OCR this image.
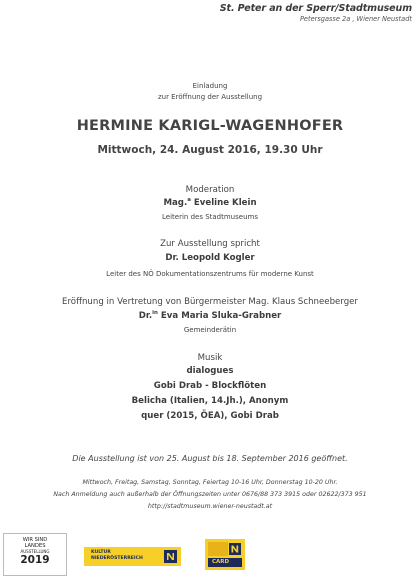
St. Peter an der Sperr/Stadtmuseum
Petersgasse 2a , Wiener Neustadt
Einladung
zur Eröffnung der Ausstellung
HERMINE KARIGL-WAGENHOFER
Mittwoch, 24. August 2016, 19.30 Uhr
Moderation
Mag.$^a$ Eveline Klein
Leiterin des Stadtmuseums
Zur Ausstellung spricht
Dr. Leopold Kogler
Leiter des NÖ Dokumentationszentrums für moderne Kunst
Eröffnung in Vertretung von Bürgermeister Mag. Klaus Schneeberger
Dr.$^{in}$ Eva Maria Sluka-Grabner
Gemeinderätin
Musik
dialogues
Gobi Drab - Blockflöten
Belicha (Italien, 14.Jh.), Anonym
quer (2015, ÖEA), Gobi Drab
Die Ausstellung ist von 25. August bis 18. September 2016 geöffnet.
Mittwoch, Freitag, Samstag, Sonntag, Feiertag 10-16 Uhr, Donnerstag 10-20 Uhr.
Nach Anmeldung auch außerhalb der Öffnungszeiten unter 0676/88 373 3915 oder 02622/373 951
http://stadtmuseum.wiener-neustadt.at
WIR SIND
LANDES
AUSSTELLUNG
2019
KULTUR
NIEDERÖSTERREICH
CARD
